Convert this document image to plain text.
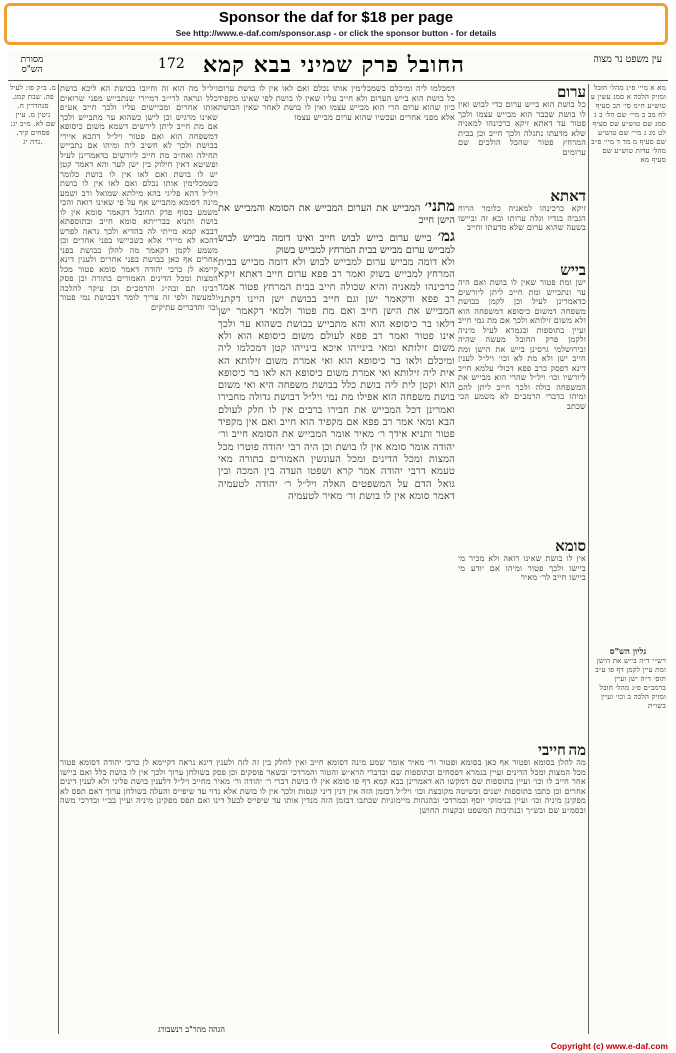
Sponsor the daf for $18 per page
See http://www.e-daf.com/sponsor.asp - or click the sponsor button - for details
מסורת הש"ס	172 החובל פרק שמיני בבא קמא	עין משפט נר מצוה

מ. ב״ק פו: לעיל פה. שבת קמג. סנהדרין ח. גיטין מ. עיין שם לא. מ״ב יג: פסחים קיד. נדה יג.

ויל״ל מה הוא זה וחיובו בבושת הא ליכא בושת כלל ונראה לרי״ב דמיירי שנתבייש מפני שרואים אותו אחרים ומביישים עליו ולכך חייב אע״פ שאינו מרגיש וכן לישן כשהוא ער מתבייש ולכך אם מת חייב ליתן לירשים דשמא משום כיסופא דמשפחה הוא ואם פטור ויל״ל דהכא איירי בבושת ולכך לא חשיב ליה ומיהו אם נתבייש תחילה ואח״כ מת חייב ליורשים כדאמרינן לעיל ופשיטא דאין חילוק בין ישן לער והא דאמר קטן יש לו בושת ואם לאו אין לו בושת כלומר כשמכלימין אותו נכלם ואם לאו אין לו בושת ויל״ל דהא פליגי בהא מילתא שמואל ורב ושמע מינה דסומא מתבייש אף על פי שאינו רואה והכי משמע בסוף פרק החובל דקאמר סומא אין לו בושת ותניא בברייתא סומא חייב ובתוספתא דבבא קמא מייתי לה בהדיא ולכך נראה לפרש דהכא לא מיירי אלא כשביישו בפני אחרים וכן משמע לקמן דקאמר מה להלן בבושת בפני אחרים אף כאן בבושת בפני אחרים ולענין דינא קיימא לן כרבי יהודה דאמר סומא פטור מכל המצות ומכל הדינים האמורים בתורה וכן פסק רבינו תם ובה״ג והרמב״ם וכן עיקר להלכה ולמעשה ולפי זה צריך לומר דבבושת נמי פטור וכו׳ והדברים עתיקים

דמכלמו ליה ומיכלם כשמכלימין אותו נכלם ואם לאו אין לו בושת ערום כל בושת הוא בייש הערום ולא חייב עליו שאין לו בושת לפי שאינו מקפיד כיון שהוא ערום הרי הוא מבייש עצמו ואין לו בושת לאחר שאין הבושת אלא מפני אחרים ועכשיו שהוא ערום מבייש עצמו

מתני׳ המבייש את הערום המבייש את הסומא והמבייש את הישן חייב

גמ׳ בייש ערום בייש לבוש חייב ואינו דומה מבייש לבוש למבייש ערום מבייש בבית המרחץ למבייש בשוק

ולא דומה מבייש ערום למבייש לבוש ולא דומה מבייש בבית המרחץ למבייש בשוק ואמר רב פפא ערום חייב דאתא זיקא כרכינהו למאניה והיא שכולה חייב בבית המרחץ פטור אמר רב פפא ודקאמר ישן וגם חייב בבושת ישן היינו דקתני המבייש את הישן חייב ואם מת פטור ולמאי דקאמר ישן דלאו בר כיסופא הוא והא מתבייש בבושת כשהוא ער ולכך אינו פטור ואמר רב פפא לעולם משום כיסופא הוא ולא משום זילותא ומאי בינייהו איכא בינייהו קטן דמכלמו ליה ומיכלם ולאו בר כיסופא הוא ואי אמרת משום זילותא הא אית ליה זילותא ואי אמרת משום כיסופא הא לאו בר כיסופא הוא וקטן לית ליה בושת כלל בבושת משפחה היא ואי משום בושת משפחה הוא אפילו מת נמי ויל״ל דבושת גדולה מחבירו ואמרינן דכל המבייש את חבירו ברבים אין לו חלק לעולם הבא ומאי אמר רב פפא אם מקפיד הוא חייב ואם אין מקפיד פטור ותניא אידך ר׳ מאיר אומר המבייש את הסומא חייב ור׳ יהודה אומר סומא אין לו בושת וכן היה רבי יהודה פוטרו מכל המצות ומכל הדינים ומכל העונשין האמורים בתורה מאי טעמא דרבי יהודה אמר קרא ושפטו העדה בין המכה ובין גואל הדם על המשפטים האלה ויל״ל ר׳ יהודה לטעמיה דאמר סומא אין לו בושת ור׳ מאיר לטעמיה

ערום

כל בושת הוא בייש ערום כדי לבוש ואין לו בושת שכבר הוא מבייש עצמו ולכך פטור עד דאתא זיקא כרכינהו למאניה שלא מדעתו נתגלה ולכך חייב וכן בבית המרחץ פטור שהכל הולכים שם ערומים

דאתא

זיקא כרכינהו למאניה כלומר הרוח הגביה בגדיו וגלה ערותו ובא זה וביישו בשעה שהוא ערום שלא מדעתו וחייב

בייש

ישן ומת פטור שאין לו בושת ואם היה ער ונתבייש ומת חייב ליתן ליורשים כדאמרינן לעיל וכן לקמן בבושת משפחה דמשום כיסופא דמשפחה הוא ולא משום זילותא ולכך אם מת נמי חייב ועיין בתוספות ובגמרא לעיל מיניה ולקמן פרק החובל מעשה שהיה ובירושלמי גרסינן בייש את הישן ומת חייב ישן ולא מת לא וכו׳ ויל״ל לענין דינא דפסק כרב פפא דכולי עלמא חייב ליורשיו וכו׳ ויל״ל שהרי הוא מבייש את המשפחה כולה ולכך חייב ליתן להם ומיהו בדברי הרמב״ם לא משמע הכי שכתב

סומא

אין לו בושת שאינו רואה ולא מכיר מי ביישו ולכך פטור ומיהו אם יודע מי ביישו חייב לר׳ מאיר

מא א מיי׳ פ״ג מהל׳ חובל ומזיק הלכה א סמג עשין ע טוש״ע ח״מ סי׳ תכ סעיף לח מב ב מיי׳ שם הל׳ ב ג סמג שם טוש״ע שם סעיף לט מג ג מיי׳ שם טוש״ע שם סעיף מ מד ד מיי׳ פ״ב מהל׳ עדות טוש״ע שם סעיף מא

גליון הש"ס

רש״י ד״ה בייש את הישן ומת עיין לקמן דף פו ע״ב תוס׳ ד״ה ישן ועיין ברמב״ם פ״ג מהל׳ חובל ומזיק הלכה ב וכו׳ ועיין בשו״ת

מה חייבי

מה להלן בסומא ופטור אף כאן בסומא ופטור ור׳ מאיר אומר שמע מינה דסומא חייב ואין לחלק בין זה לזה ולענין דינא נראה דקיימא לן כרבי יהודה דסומא פטור מכל המצות ומכל הדינים ועיין בגמרא דפסחים ובתוספות שם ובדברי הרא״ש והטור והמרדכי ובשאר פוסקים וכן פסק בשולחן ערוך ולכך אין לו בושת כלל ואם ביישו אחר חייב לו וכו׳ ועיין בתוספות שם דמקשו הא דאמרינן בבא קמא דף פו סומא אין לו בושת דברי ר׳ יהודה ור׳ מאיר מחייב ויל״ל דלענין בושת פליגי ולא לענין דינים אחרים וכן כתבו בתוספות ישנים ובשיטה מקובצת וכו׳ ויל״ל דבזמן הזה אין דנין דיני קנסות ולכך אין לו בושת אלא נדוי עד שיפייס והעלה בשולחן ערוך דאם תפס לא מפקינן מיניה וכו׳ ועיין בנימוקי יוסף ובמרדכי ובהגהות מיימוניות שכתבו דבזמן הזה מנדין אותו עד שיפייס לבעל דינו ואם תפס מפקינן מיניה ועיין בב״י ובדרכי משה ובסמ״ע שם ובש״ך ובנתיבות המשפט ובקצות החושן

הגהה מהר"ב רנשבורג
Copyright (c) www.e-daf.com
